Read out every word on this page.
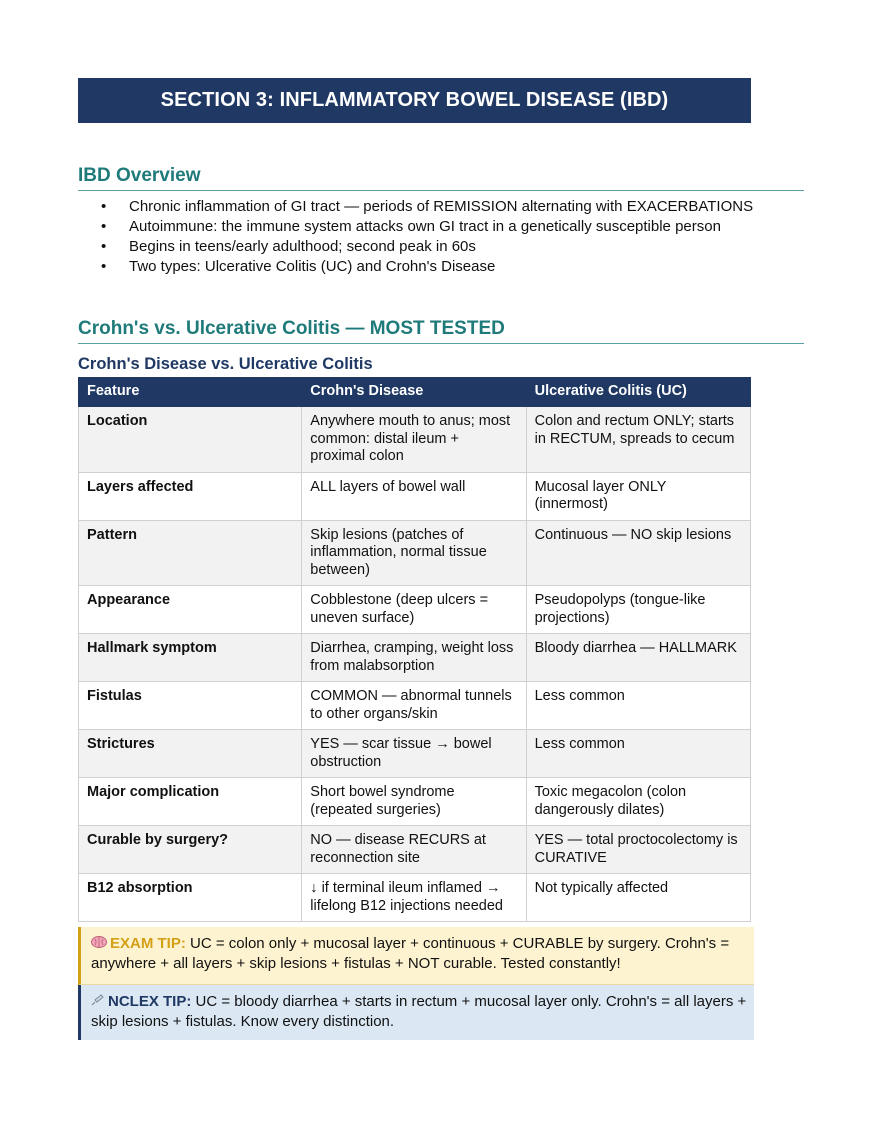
SECTION 3: INFLAMMATORY BOWEL DISEASE (IBD)
IBD Overview
• Chronic inflammation of GI tract — periods of REMISSION alternating with EXACERBATIONS
• Autoimmune: the immune system attacks own GI tract in a genetically susceptible person
• Begins in teens/early adulthood; second peak in 60s
• Two types: Ulcerative Colitis (UC) and Crohn's Disease
Crohn's vs. Ulcerative Colitis — MOST TESTED
Crohn's Disease vs. Ulcerative Colitis
Feature	Crohn's Disease	Ulcerative Colitis (UC)
Location	Anywhere mouth to anus; most common: distal ileum + proximal colon	Colon and rectum ONLY; starts in RECTUM, spreads to cecum
Layers affected	ALL layers of bowel wall	Mucosal layer ONLY (innermost)
Pattern	Skip lesions (patches of inflammation, normal tissue between)	Continuous — NO skip lesions
Appearance	Cobblestone (deep ulcers = uneven surface)	Pseudopolyps (tongue-like projections)
Hallmark symptom	Diarrhea, cramping, weight loss from malabsorption	Bloody diarrhea — HALLMARK
Fistulas	COMMON — abnormal tunnels to other organs/skin	Less common
Strictures	YES — scar tissue → bowel obstruction	Less common
Major complication	Short bowel syndrome (repeated surgeries)	Toxic megacolon (colon dangerously dilates)
Curable by surgery?	NO — disease RECURS at reconnection site	YES — total proctocolectomy is CURATIVE
B12 absorption	↓ if terminal ileum inflamed → lifelong B12 injections needed	Not typically affected
EXAM TIP: UC = colon only + mucosal layer + continuous + CURABLE by surgery. Crohn's = anywhere + all layers + skip lesions + fistulas + NOT curable. Tested constantly!
NCLEX TIP: UC = bloody diarrhea + starts in rectum + mucosal layer only. Crohn's = all layers + skip lesions + fistulas. Know every distinction.
